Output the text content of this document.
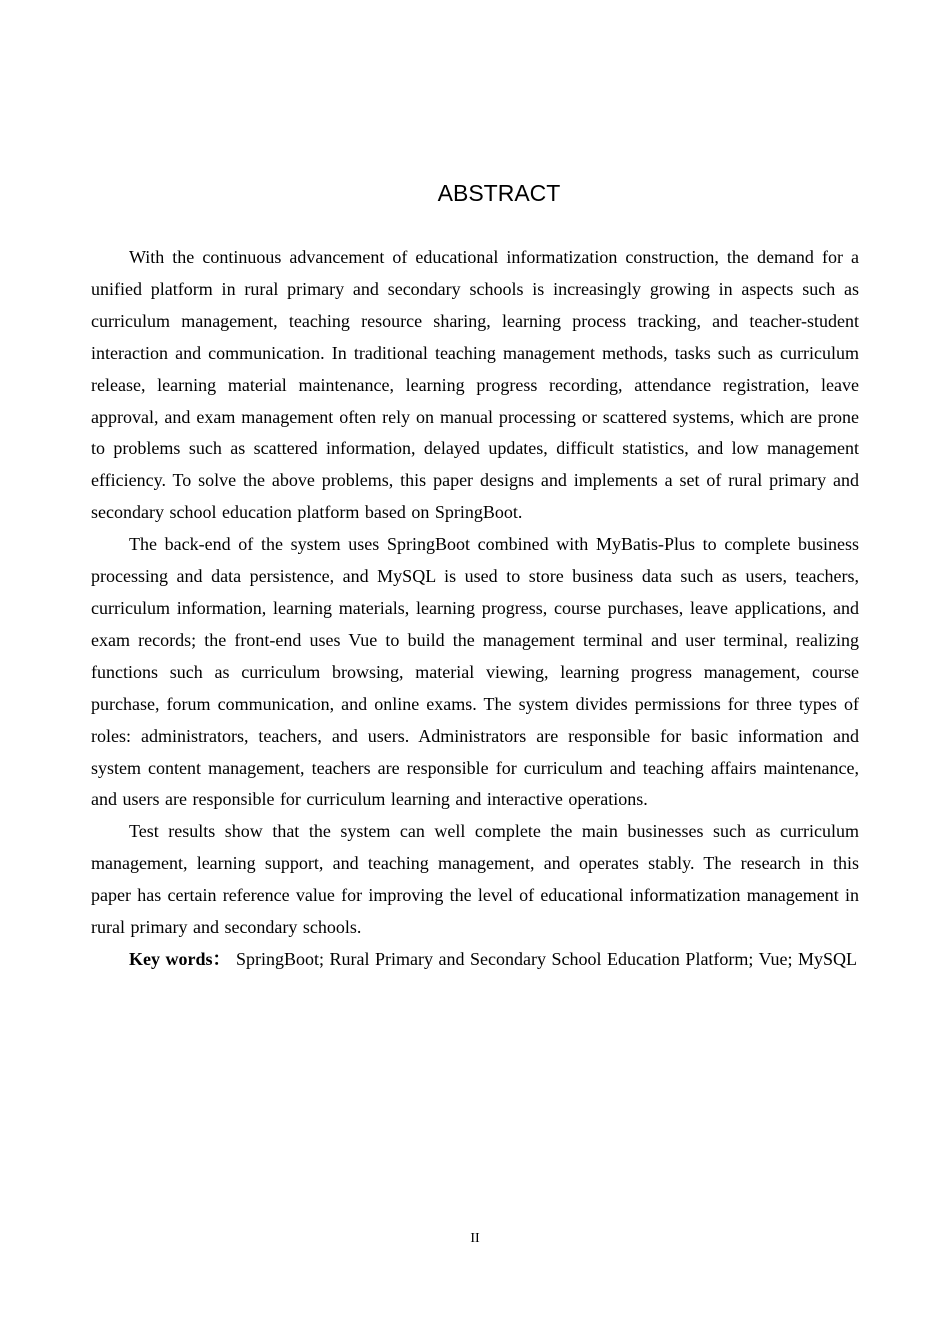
ABSTRACT

With the continuous advancement of educational informatization construction, the demand for a unified platform in rural primary and secondary schools is increasingly growing in aspects such as curriculum management, teaching resource sharing, learning process tracking, and teacher-student interaction and communication. In traditional teaching management methods, tasks such as curriculum release, learning material maintenance, learning progress recording, attendance registration, leave approval, and exam management often rely on manual processing or scattered systems, which are prone to problems such as scattered information, delayed updates, difficult statistics, and low management efficiency. To solve the above problems, this paper designs and implements a set of rural primary and secondary school education platform based on SpringBoot.

The back-end of the system uses SpringBoot combined with MyBatis-Plus to complete business processing and data persistence, and MySQL is used to store business data such as users, teachers, curriculum information, learning materials, learning progress, course purchases, leave applications, and exam records; the front-end uses Vue to build the management terminal and user terminal, realizing functions such as curriculum browsing, material viewing, learning progress management, course purchase, forum communication, and online exams. The system divides permissions for three types of roles: administrators, teachers, and users. Administrators are responsible for basic information and system content management, teachers are responsible for curriculum and teaching affairs maintenance, and users are responsible for curriculum learning and interactive operations.

Test results show that the system can well complete the main businesses such as curriculum management, learning support, and teaching management, and operates stably. The research in this paper has certain reference value for improving the level of educational informatization management in rural primary and secondary schools.

Key words： SpringBoot; Rural Primary and Secondary School Education Platform; Vue; MySQL

II
